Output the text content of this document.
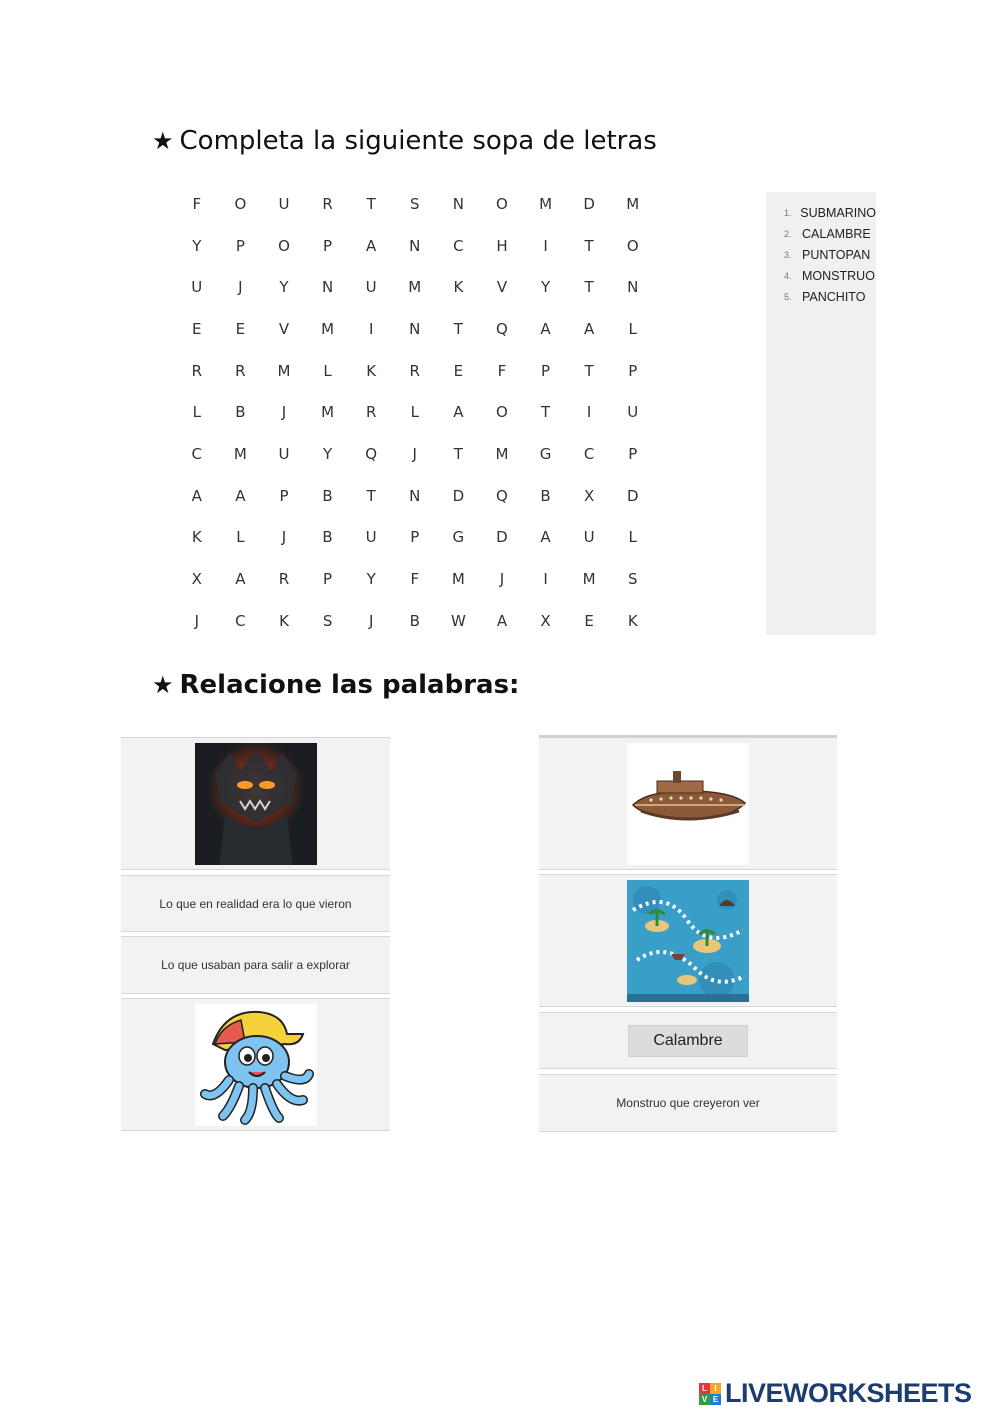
★ Completa la siguiente sopa de letras
F	O	U	R	T	S	N	O	M	D	M
Y	P	O	P	A	N	C	H	I	T	O
U	J	Y	N	U	M	K	V	Y	T	N
E	E	V	M	I	N	T	Q	A	A	L
R	R	M	L	K	R	E	F	P	T	P
L	B	J	M	R	L	A	O	T	I	U
C	M	U	Y	Q	J	T	M	G	C	P
A	A	P	B	T	N	D	Q	B	X	D
K	L	J	B	U	P	G	D	A	U	L
X	A	R	P	Y	F	M	J	I	M	S
J	C	K	S	J	B	W	A	X	E	K
1. SUBMARINO
2. CALAMBRE
3. PUNTOPAN
4. MONSTRUO
5. PANCHITO
★ Relacione las palabras:
Lo que en realidad era lo que vieron
Lo que usaban para salir a explorar
Calambre
Monstruo que creyeron ver
L I
V E LIVEWORKSHEETS
